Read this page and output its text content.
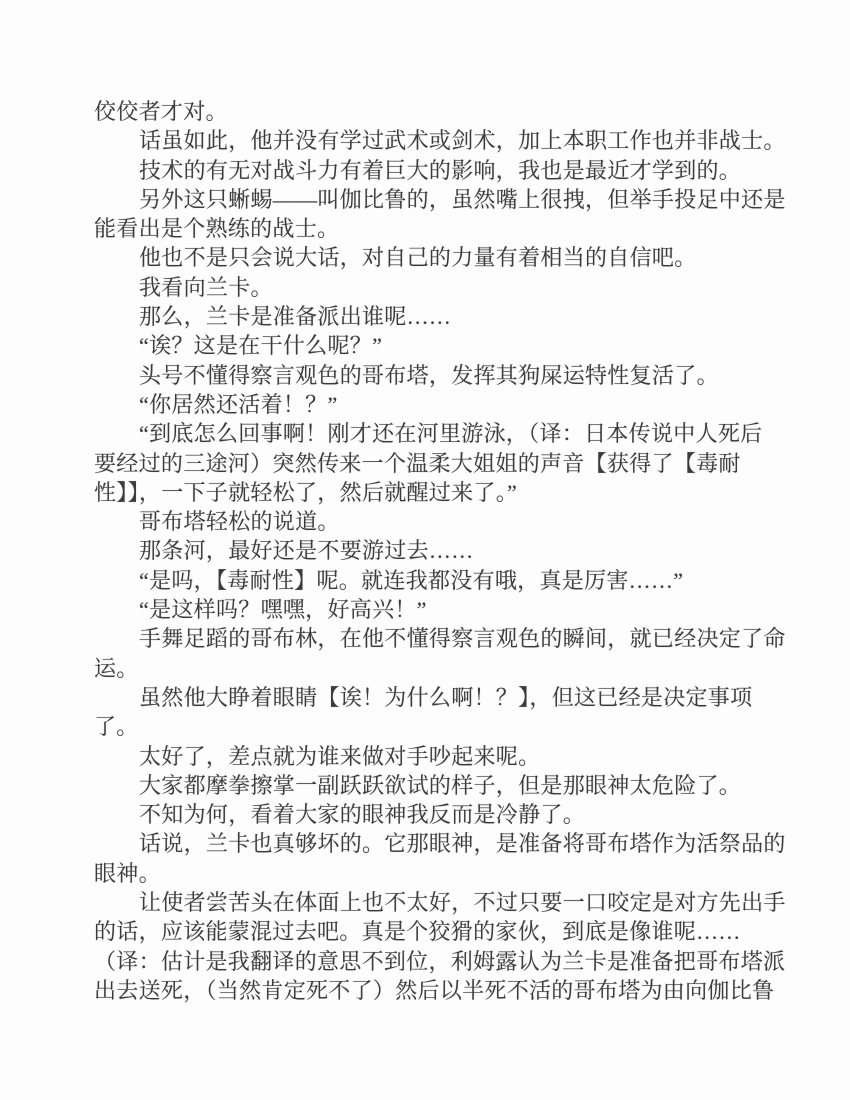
佼佼者才对。
话虽如此，他并没有学过武术或剑术，加上本职工作也并非战士。
技术的有无对战斗力有着巨大的影响，我也是最近才学到的。
另外这只蜥蜴——叫伽比鲁的，虽然嘴上很拽，但举手投足中还是
能看出是个熟练的战士。
他也不是只会说大话，对自己的力量有着相当的自信吧。
我看向兰卡。
那么，兰卡是准备派出谁呢……
“诶？这是在干什么呢？”
头号不懂得察言观色的哥布塔，发挥其狗屎运特性复活了。
“你居然还活着！？”
“到底怎么回事啊！刚才还在河里游泳，（译：日本传说中人死后
要经过的三途河）突然传来一个温柔大姐姐的声音【获得了【毒耐
性】】，一下子就轻松了，然后就醒过来了。”
哥布塔轻松的说道。
那条河，最好还是不要游过去……
“是吗，【毒耐性】呢。就连我都没有哦，真是厉害……”
“是这样吗？嘿嘿，好高兴！”
手舞足蹈的哥布林，在他不懂得察言观色的瞬间，就已经决定了命
运。
虽然他大睁着眼睛【诶！为什么啊！？】，但这已经是决定事项
了。
太好了，差点就为谁来做对手吵起来呢。
大家都摩拳擦掌一副跃跃欲试的样子，但是那眼神太危险了。
不知为何，看着大家的眼神我反而是冷静了。
话说，兰卡也真够坏的。它那眼神，是准备将哥布塔作为活祭品的
眼神。
让使者尝苦头在体面上也不太好，不过只要一口咬定是对方先出手
的话，应该能蒙混过去吧。真是个狡猾的家伙，到底是像谁呢……
（译：估计是我翻译的意思不到位，利姆露认为兰卡是准备把哥布塔派
出去送死，（当然肯定死不了）然后以半死不活的哥布塔为由向伽比鲁
